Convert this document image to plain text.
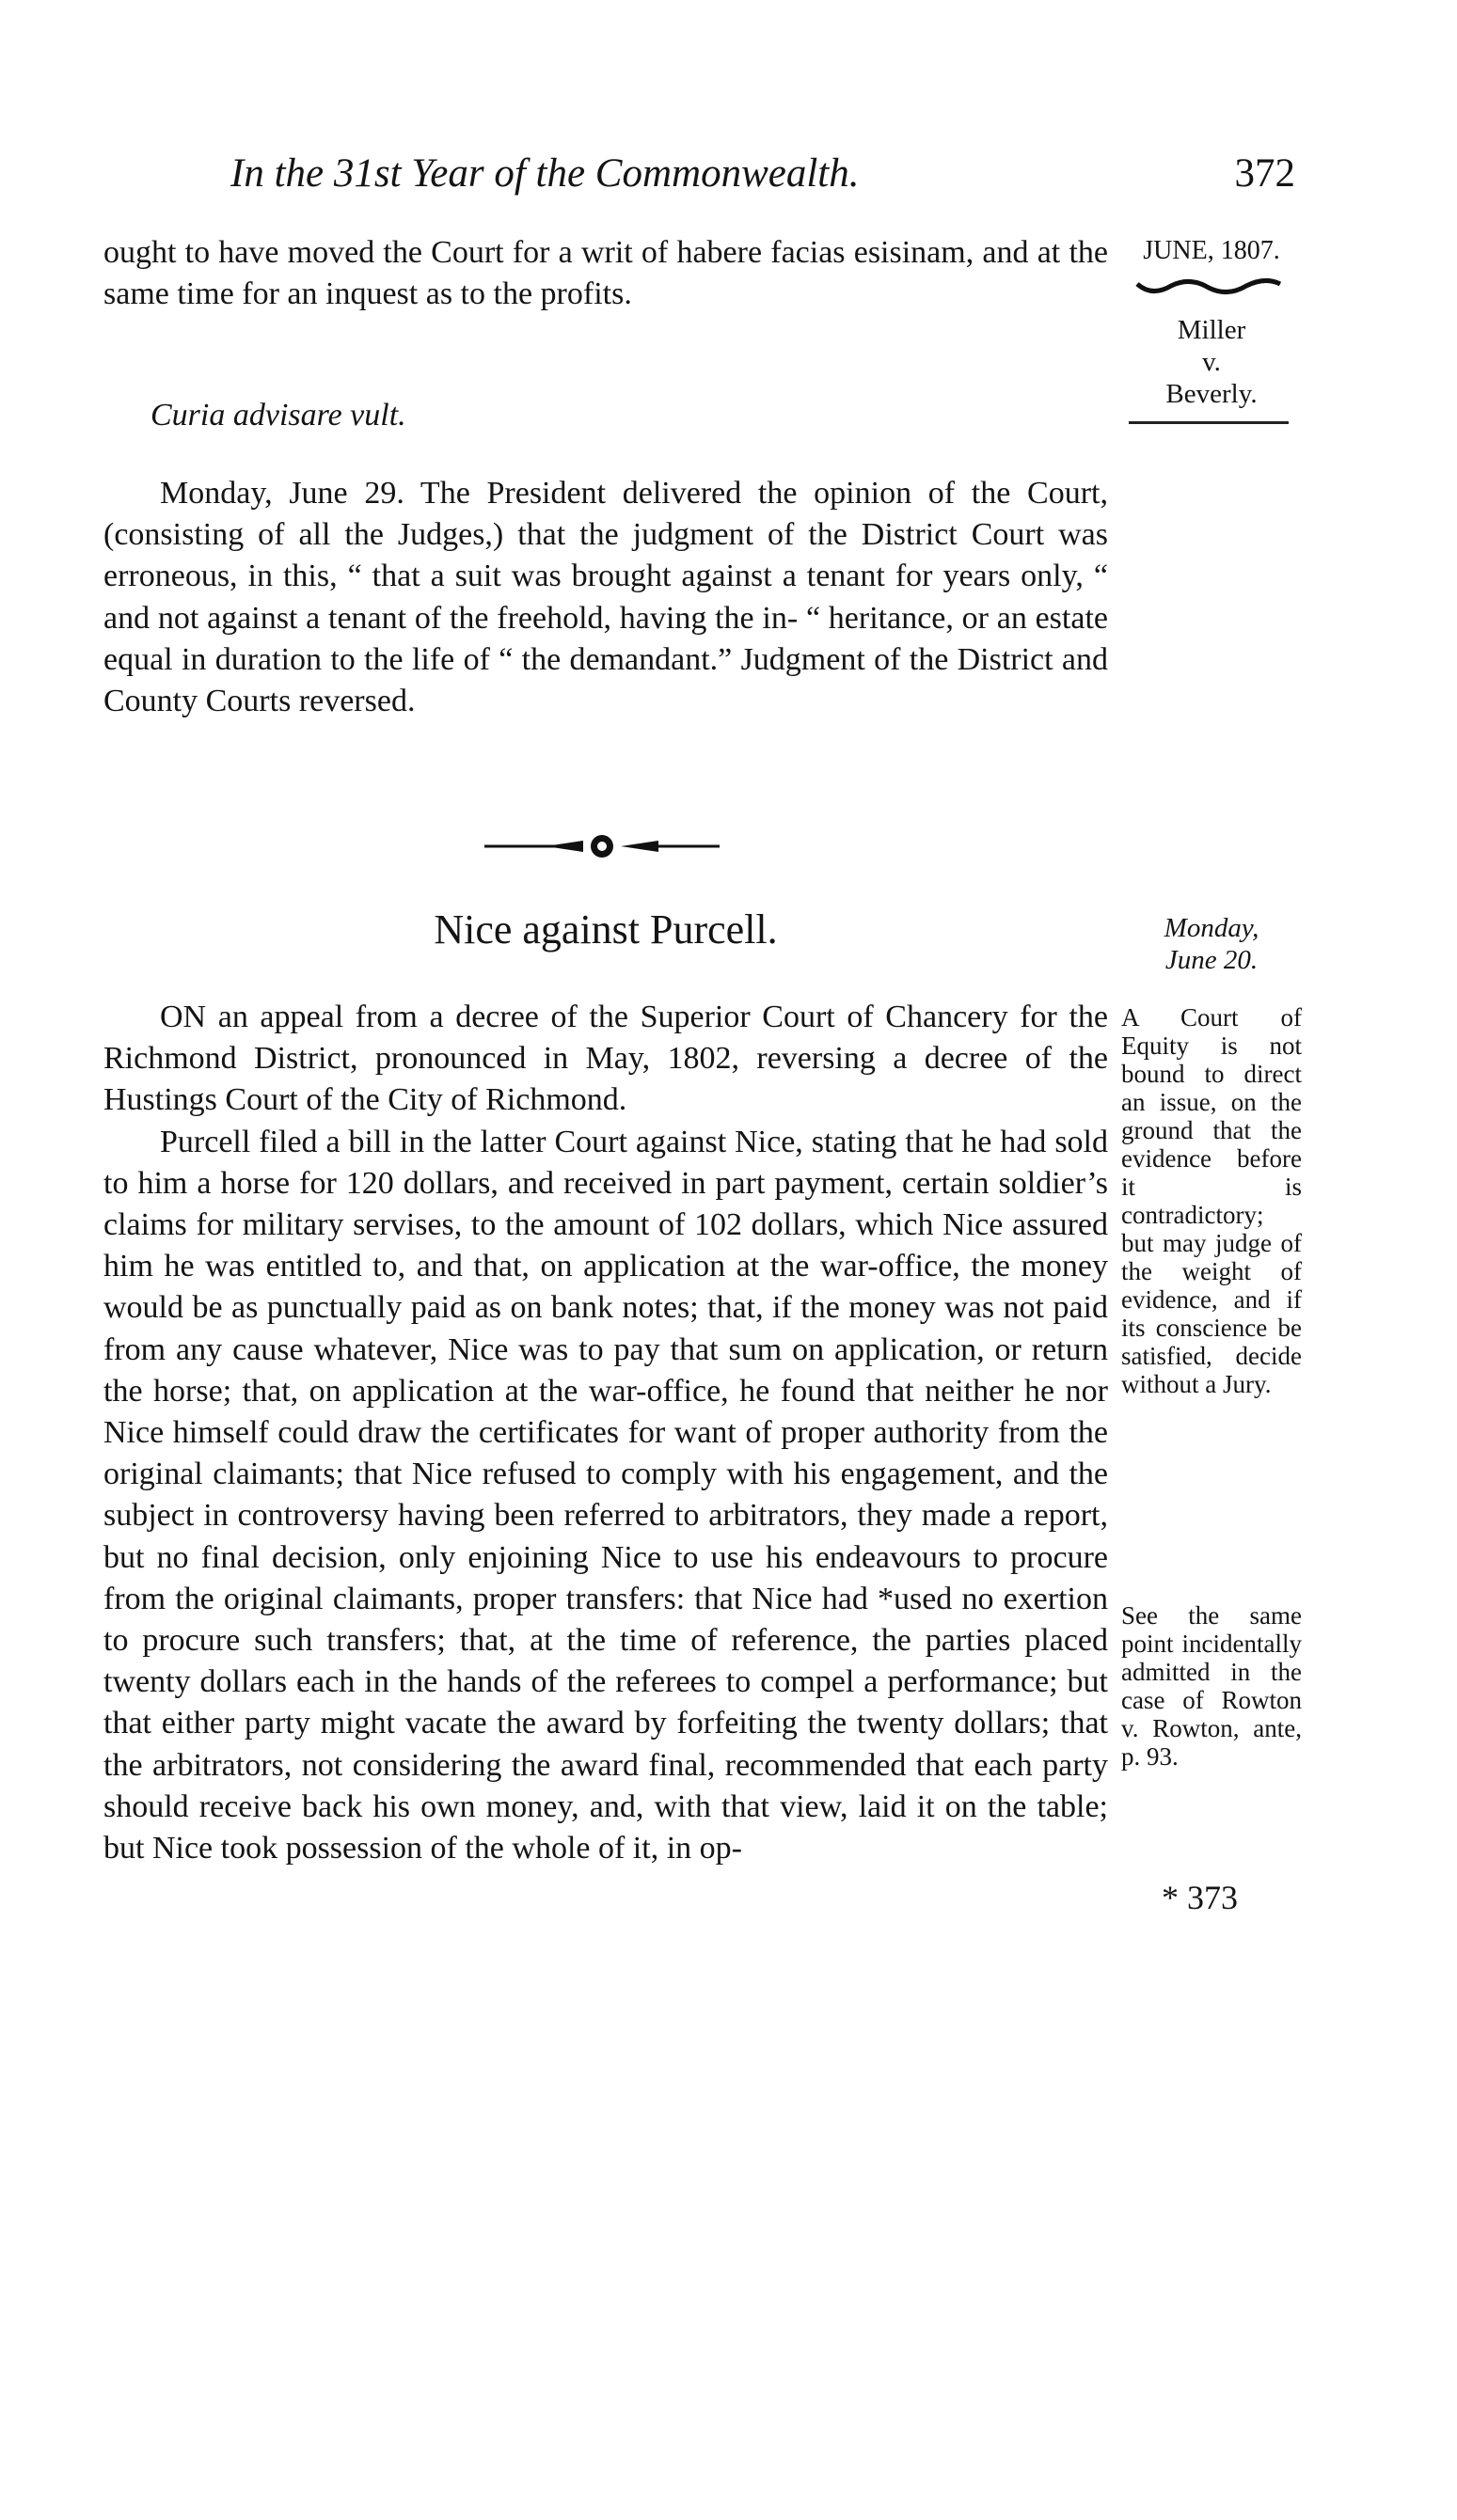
In the 31st Year of the Commonwealth.	372
JUNE, 1807.
Miller
v.
Beverly.

ought to have moved the Court for a writ of habere facias esisinam, and at the same time for an inquest as to the profits.

Curia advisare vult.

Monday, June 29. The President delivered the opinion of the Court, (consisting of all the Judges,) that the judgment of the District Court was erroneous, in this, “ that a suit was brought against a tenant for years only, “ and not against a tenant of the freehold, having the in- “ heritance, or an estate equal in duration to the life of “ the demandant.” Judgment of the District and County Courts reversed.

Nice against Purcell.	Monday,
June 20.

ON an appeal from a decree of the Superior Court of Chancery for the Richmond District, pronounced in May, 1802, reversing a decree of the Hustings Court of the City of Richmond.

Purcell filed a bill in the latter Court against Nice, stating that he had sold to him a horse for 120 dollars, and received in part payment, certain soldier’s claims for military servises, to the amount of 102 dollars, which Nice assured him he was entitled to, and that, on application at the war-office, the money would be as punctually paid as on bank notes; that, if the money was not paid from any cause whatever, Nice was to pay that sum on application, or return the horse; that, on application at the war-office, he found that neither he nor Nice himself could draw the certificates for want of proper authority from the original claimants; that Nice refused to comply with his engagement, and the subject in controversy having been referred to arbitrators, they made a report, but no final decision, only enjoining Nice to use his endeavours to procure from the original claimants, proper transfers: that Nice had *used no exertion to procure such transfers; that, at the time of reference, the parties placed twenty dollars each in the hands of the referees to compel a performance; but that either party might vacate the award by forfeiting the twenty dollars; that the arbitrators, not considering the award final, recommended that each party should receive back his own money, and, with that view, laid it on the table; but Nice took possession of the whole of it, in op-

A Court of Equity is not bound to direct an issue, on the ground that the evidence before it is contradictory; but may judge of the weight of evidence, and if its conscience be satisfied, decide without a Jury.
See the same point incidentally admitted in the case of Rowton v. Rowton, ante, p. 93.
* 373
